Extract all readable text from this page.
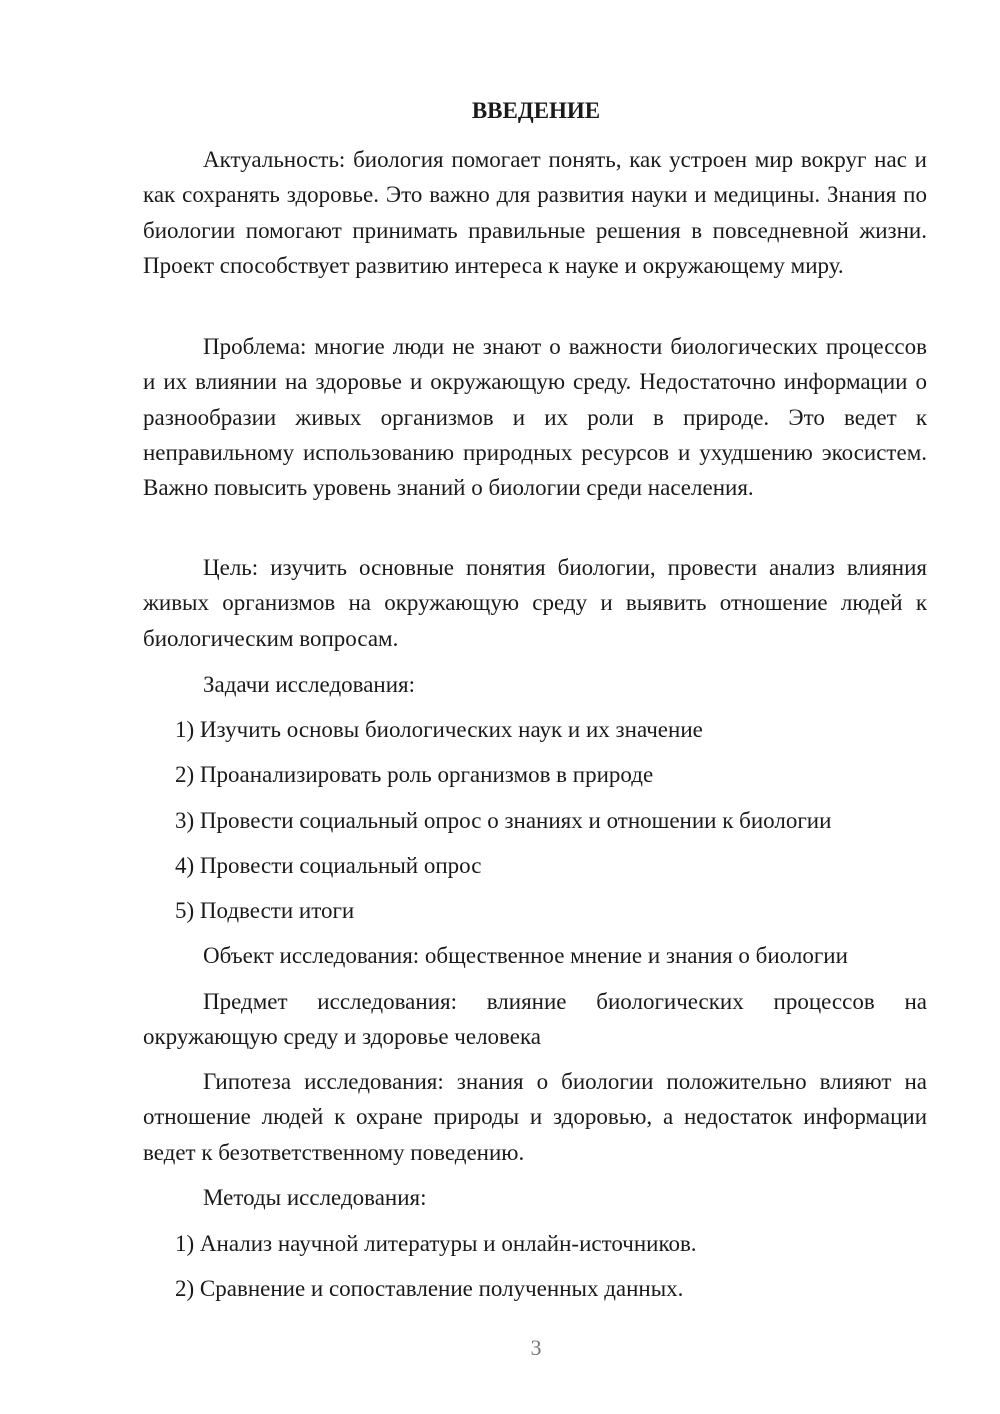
ВВЕДЕНИЕ

Актуальность: биология помогает понять, как устроен мир вокруг нас и как сохранять здоровье. Это важно для развития науки и медицины. Знания по биологии помогают принимать правильные решения в повседневной жизни. Проект способствует развитию интереса к науке и окружающему миру.

Проблема: многие люди не знают о важности биологических процессов и их влиянии на здоровье и окружающую среду. Недостаточно информации о разнообразии живых организмов и их роли в природе. Это ведет к неправильному использованию природных ресурсов и ухудшению экосистем. Важно повысить уровень знаний о биологии среди населения.

Цель: изучить основные понятия биологии, провести анализ влияния живых организмов на окружающую среду и выявить отношение людей к биологическим вопросам.

Задачи исследования:

1) Изучить основы биологических наук и их значение

2) Проанализировать роль организмов в природе

3) Провести социальный опрос о знаниях и отношении к биологии

4) Провести социальный опрос

5) Подвести итоги

Объект исследования: общественное мнение и знания о биологии

Предмет исследования: влияние биологических процессов на окружающую среду и здоровье человека

Гипотеза исследования: знания о биологии положительно влияют на отношение людей к охране природы и здоровью, а недостаток информации ведет к безответственному поведению.

Методы исследования:

1) Анализ научной литературы и онлайн-источников.

2) Сравнение и сопоставление полученных данных.

3
